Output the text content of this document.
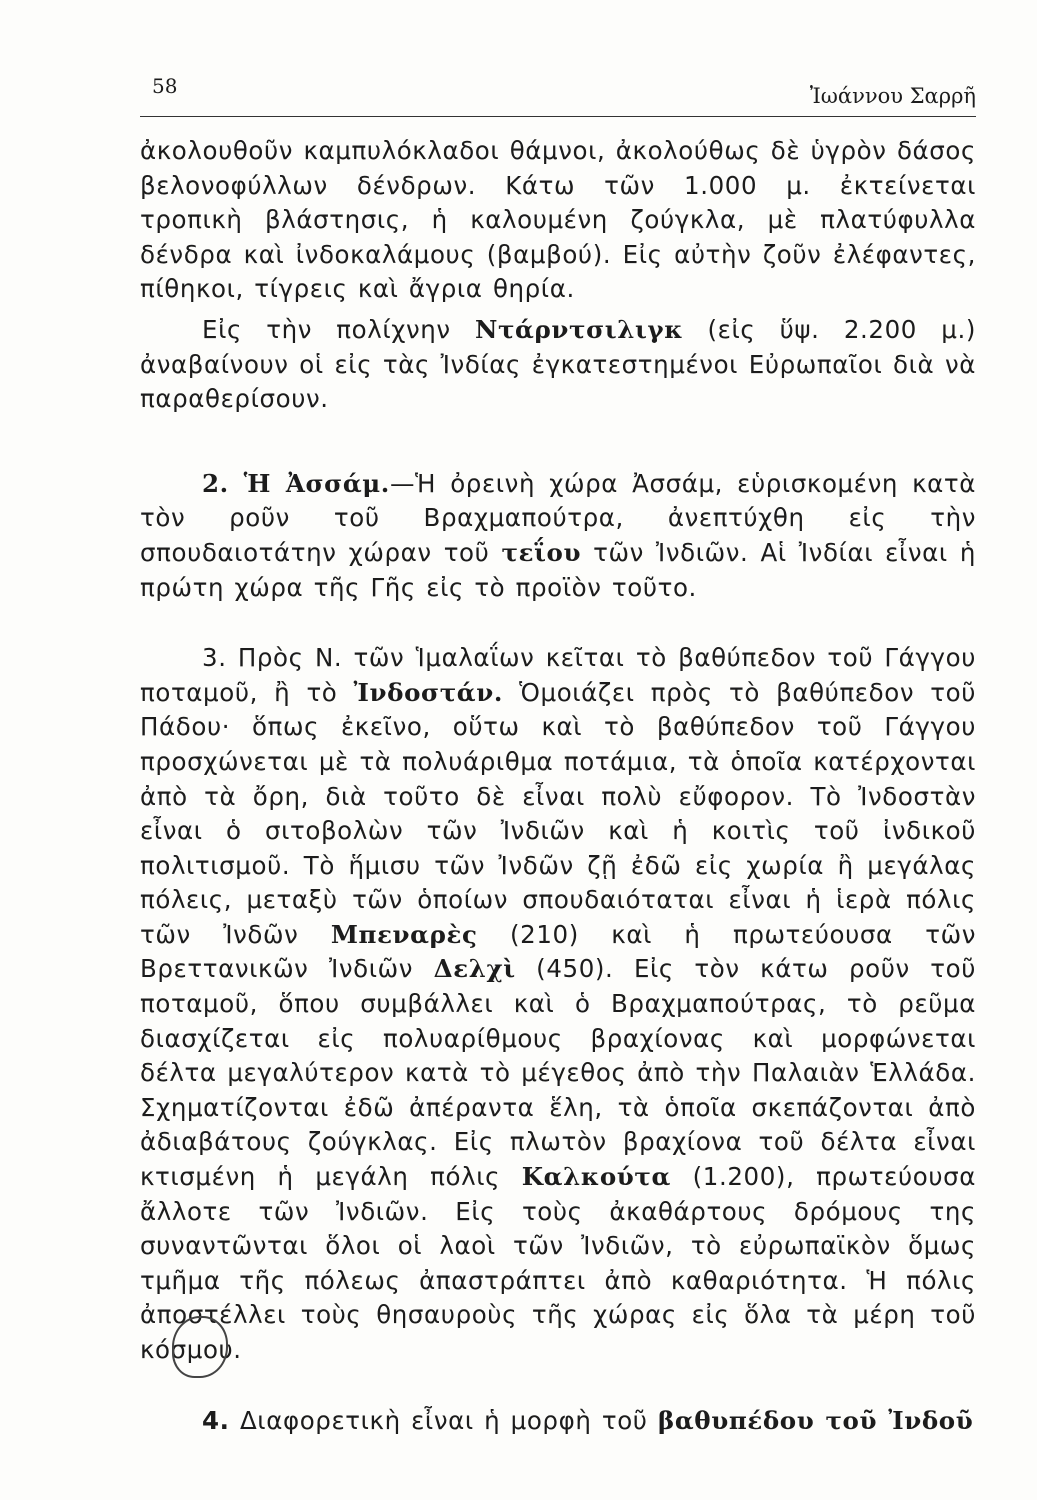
58	Ἰωάννου Σαρρῆ

ἀκολουθοῦν καμπυλόκλαδοι θάμνοι, ἀκολούθως δὲ ὑγρὸν δάσος βελονοφύλλων δένδρων. Κάτω τῶν 1.000 μ. ἐκτείνεται τροπικὴ βλάστησις, ἡ καλουμένη ζούγκλα, μὲ πλατύφυλλα δένδρα καὶ ἰνδοκαλάμους (βαμβού). Εἰς αὐτὴν ζοῦν ἐλέφαντες, πίθηκοι, τίγρεις καὶ ἄγρια θηρία.

Εἰς τὴν πολίχνην Ντάρντσιλιγκ (εἰς ὕψ. 2.200 μ.) ἀναβαίνουν οἱ εἰς τὰς Ἰνδίας ἐγκατεστημένοι Εὐρωπαῖοι διὰ νὰ παραθερίσουν.

2. Ἡ Ἀσσάμ.—Ἡ ὀρεινὴ χώρα Ἀσσάμ, εὑρισκομένη κατὰ τὸν ροῦν τοῦ Βραχμαπούτρα, ἀνεπτύχθη εἰς τὴν σπουδαιοτάτην χώραν τοῦ τεΐου τῶν Ἰνδιῶν. Αἱ Ἰνδίαι εἶναι ἡ πρώτη χώρα τῆς Γῆς εἰς τὸ προϊὸν τοῦτο.

3. Πρὸς Ν. τῶν Ἱμαλαΐων κεῖται τὸ βαθύπεδον τοῦ Γάγγου ποταμοῦ, ἢ τὸ Ἰνδοστάν. Ὁμοιάζει πρὸς τὸ βαθύπεδον τοῦ Πάδου· ὅπως ἐκεῖνο, οὕτω καὶ τὸ βαθύπεδον τοῦ Γάγγου προσχώνεται μὲ τὰ πολυάριθμα ποτάμια, τὰ ὁποῖα κατέρχονται ἀπὸ τὰ ὄρη, διὰ τοῦτο δὲ εἶναι πολὺ εὔφορον. Τὸ Ἰνδοστὰν εἶναι ὁ σιτοβολὼν τῶν Ἰνδιῶν καὶ ἡ κοιτὶς τοῦ ἰνδικοῦ πολιτισμοῦ. Τὸ ἥμισυ τῶν Ἰνδῶν ζῇ ἐδῶ εἰς χωρία ἢ μεγάλας πόλεις, μεταξὺ τῶν ὁποίων σπουδαιόταται εἶναι ἡ ἱερὰ πόλις τῶν Ἰνδῶν Μπεναρὲς (210) καὶ ἡ πρωτεύουσα τῶν Βρεττανικῶν Ἰνδιῶν Δελχὶ (450). Εἰς τὸν κάτω ροῦν τοῦ ποταμοῦ, ὅπου συμβάλλει καὶ ὁ Βραχμαπούτρας, τὸ ρεῦμα διασχίζεται εἰς πολυαρίθμους βραχίονας καὶ μορφώνεται δέλτα μεγαλύτερον κατὰ τὸ μέγεθος ἀπὸ τὴν Παλαιὰν Ἑλλάδα. Σχηματίζονται ἐδῶ ἀπέραντα ἕλη, τὰ ὁποῖα σκεπάζονται ἀπὸ ἀδιαβάτους ζούγκλας. Εἰς πλωτὸν βραχίονα τοῦ δέλτα εἶναι κτισμένη ἡ μεγάλη πόλις Καλκούτα (1.200), πρωτεύουσα ἄλλοτε τῶν Ἰνδιῶν. Εἰς τοὺς ἀκαθάρτους δρόμους της συναντῶνται ὅλοι οἱ λαοὶ τῶν Ἰνδιῶν, τὸ εὐρωπαϊκὸν ὅμως τμῆμα τῆς πόλεως ἀπαστράπτει ἀπὸ καθαριότητα. Ἡ πόλις ἀποστέλλει τοὺς θησαυροὺς τῆς χώρας εἰς ὅλα τὰ μέρη τοῦ κόσμου.

4. Διαφορετικὴ εἶναι ἡ μορφὴ τοῦ βαθυπέδου τοῦ Ἰνδοῦ
